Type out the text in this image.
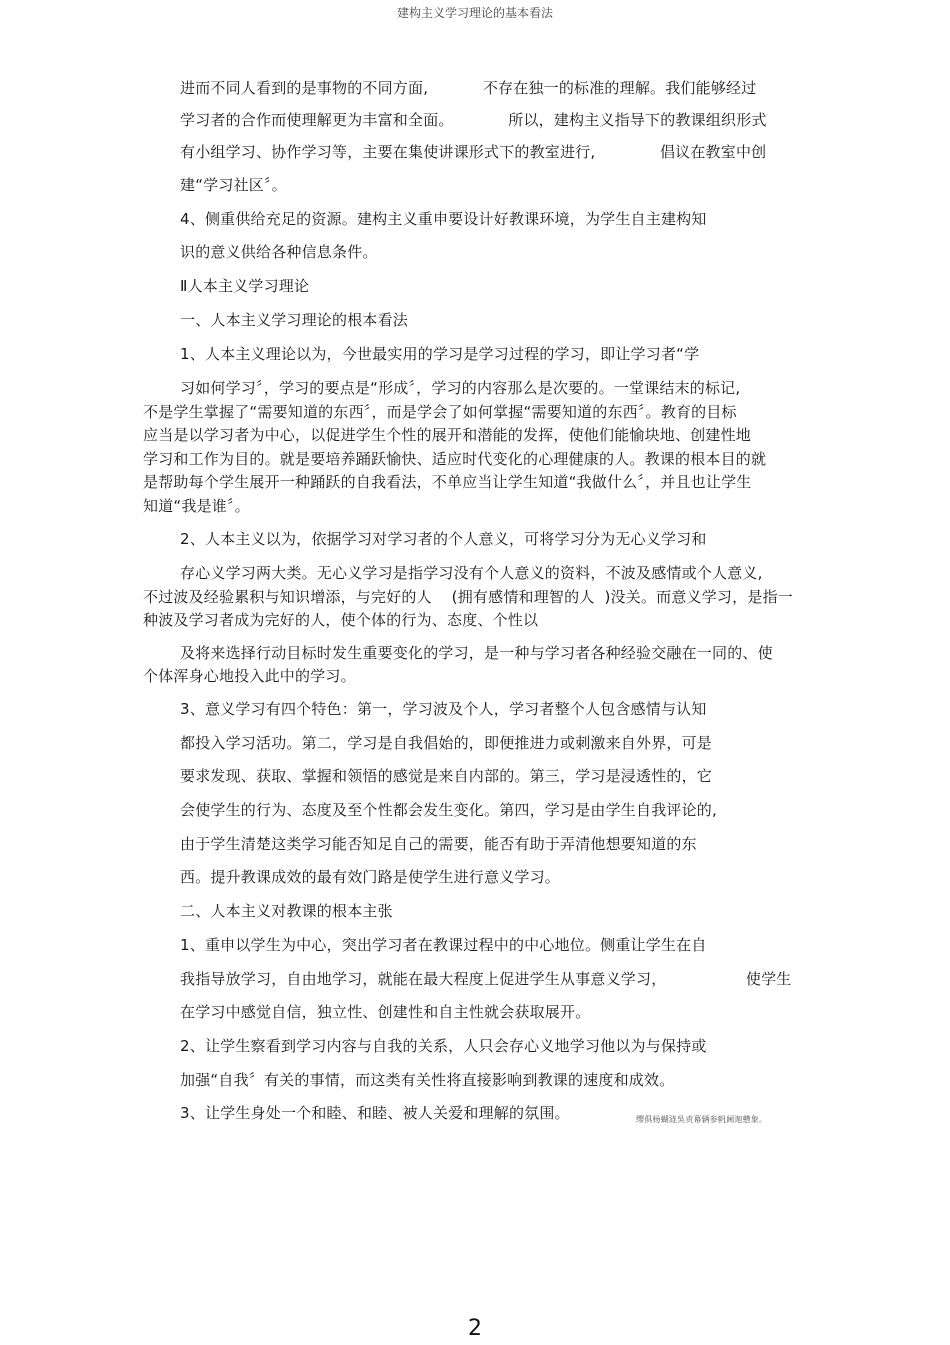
建构主义学习理论的基本看法
进而不同人看到的是事物的不同方面,           不存在独一的标准的理解。我们能够经过
学习者的合作而使理解更为丰富和全面。           所以，建构主义指导下的教课组织形式
有小组学习、协作学习等，主要在集使讲课形式下的教室进行,             倡议在教室中创
建“学习社区〞。
4、侧重供给充足的资源。建构主义重申要设计好教课环境，为学生自主建构知
识的意义供给各种信息条件。
Ⅱ人本主义学习理论
一、人本主义学习理论的根本看法
1、人本主义理论以为，今世最实用的学习是学习过程的学习，即让学习者“学
习如何学习〞，学习的要点是“形成〞，学习的内容那么是次要的。一堂课结末的标记,
不是学生掌握了“需要知道的东西〞，而是学会了如何掌握“需要知道的东西〞。教育的目标
应当是以学习者为中心，以促进学生个性的展开和潜能的发挥，使他们能愉块地、创建性地
学习和工作为目的。就是要培养踊跃愉快、适应时代变化的心理健康的人。教课的根本目的就
是帮助每个学生展开一种踊跃的自我看法，不单应当让学生知道“我做什么〞，并且也让学生
知道“我是谁〞。
2、人本主义以为，依据学习对学习者的个人意义，可将学习分为无心义学习和
存心义学习两大类。无心义学习是指学习没有个人意义的资料，不波及感情或个人意义,
不过波及经验累积与知识增添，与完好的人    (拥有感情和理智的人  )没关。而意义学习，是指一
种波及学习者成为完好的人，使个体的行为、态度、个性以
及将来选择行动目标时发生重要变化的学习，是一种与学习者各种经验交融在一同的、使
个体浑身心地投入此中的学习。
3、意义学习有四个特色：第一，学习波及个人，学习者整个人包含感情与认知
都投入学习活功。第二，学习是自我倡始的，即便推进力或刺激来自外界，可是
要求发现、获取、掌握和领悟的感觉是来自内部的。第三，学习是浸透性的，它
会使学生的行为、态度及至个性都会发生变化。第四，学习是由学生自我评论的,
由于学生清楚这类学习能否知足自己的需要，能否有助于弄清他想要知道的东
西。提升教课成效的最有效门路是使学生进行意义学习。
二、人本主义对教课的根本主张
1、重申以学生为中心，突出学习者在教课过程中的中心地位。侧重让学生在自
我指导放学习，自由地学习，就能在最大程度上促进学生从事意义学习，                使学生
在学习中感觉自信，独立性、创建性和自主性就会获取展开。
2、让学生察看到学习内容与自我的关系，人只会存心义地学习他以为与保持或
加强“自我〞有关的事情，而这类有关性将直接影响到教课的速度和成效。
3、让学生身处一个和睦、和睦、被人关爱和理解的氛围。	缨俱杨蝴涟吳责幕辆参帆阃迦戆象。
2
